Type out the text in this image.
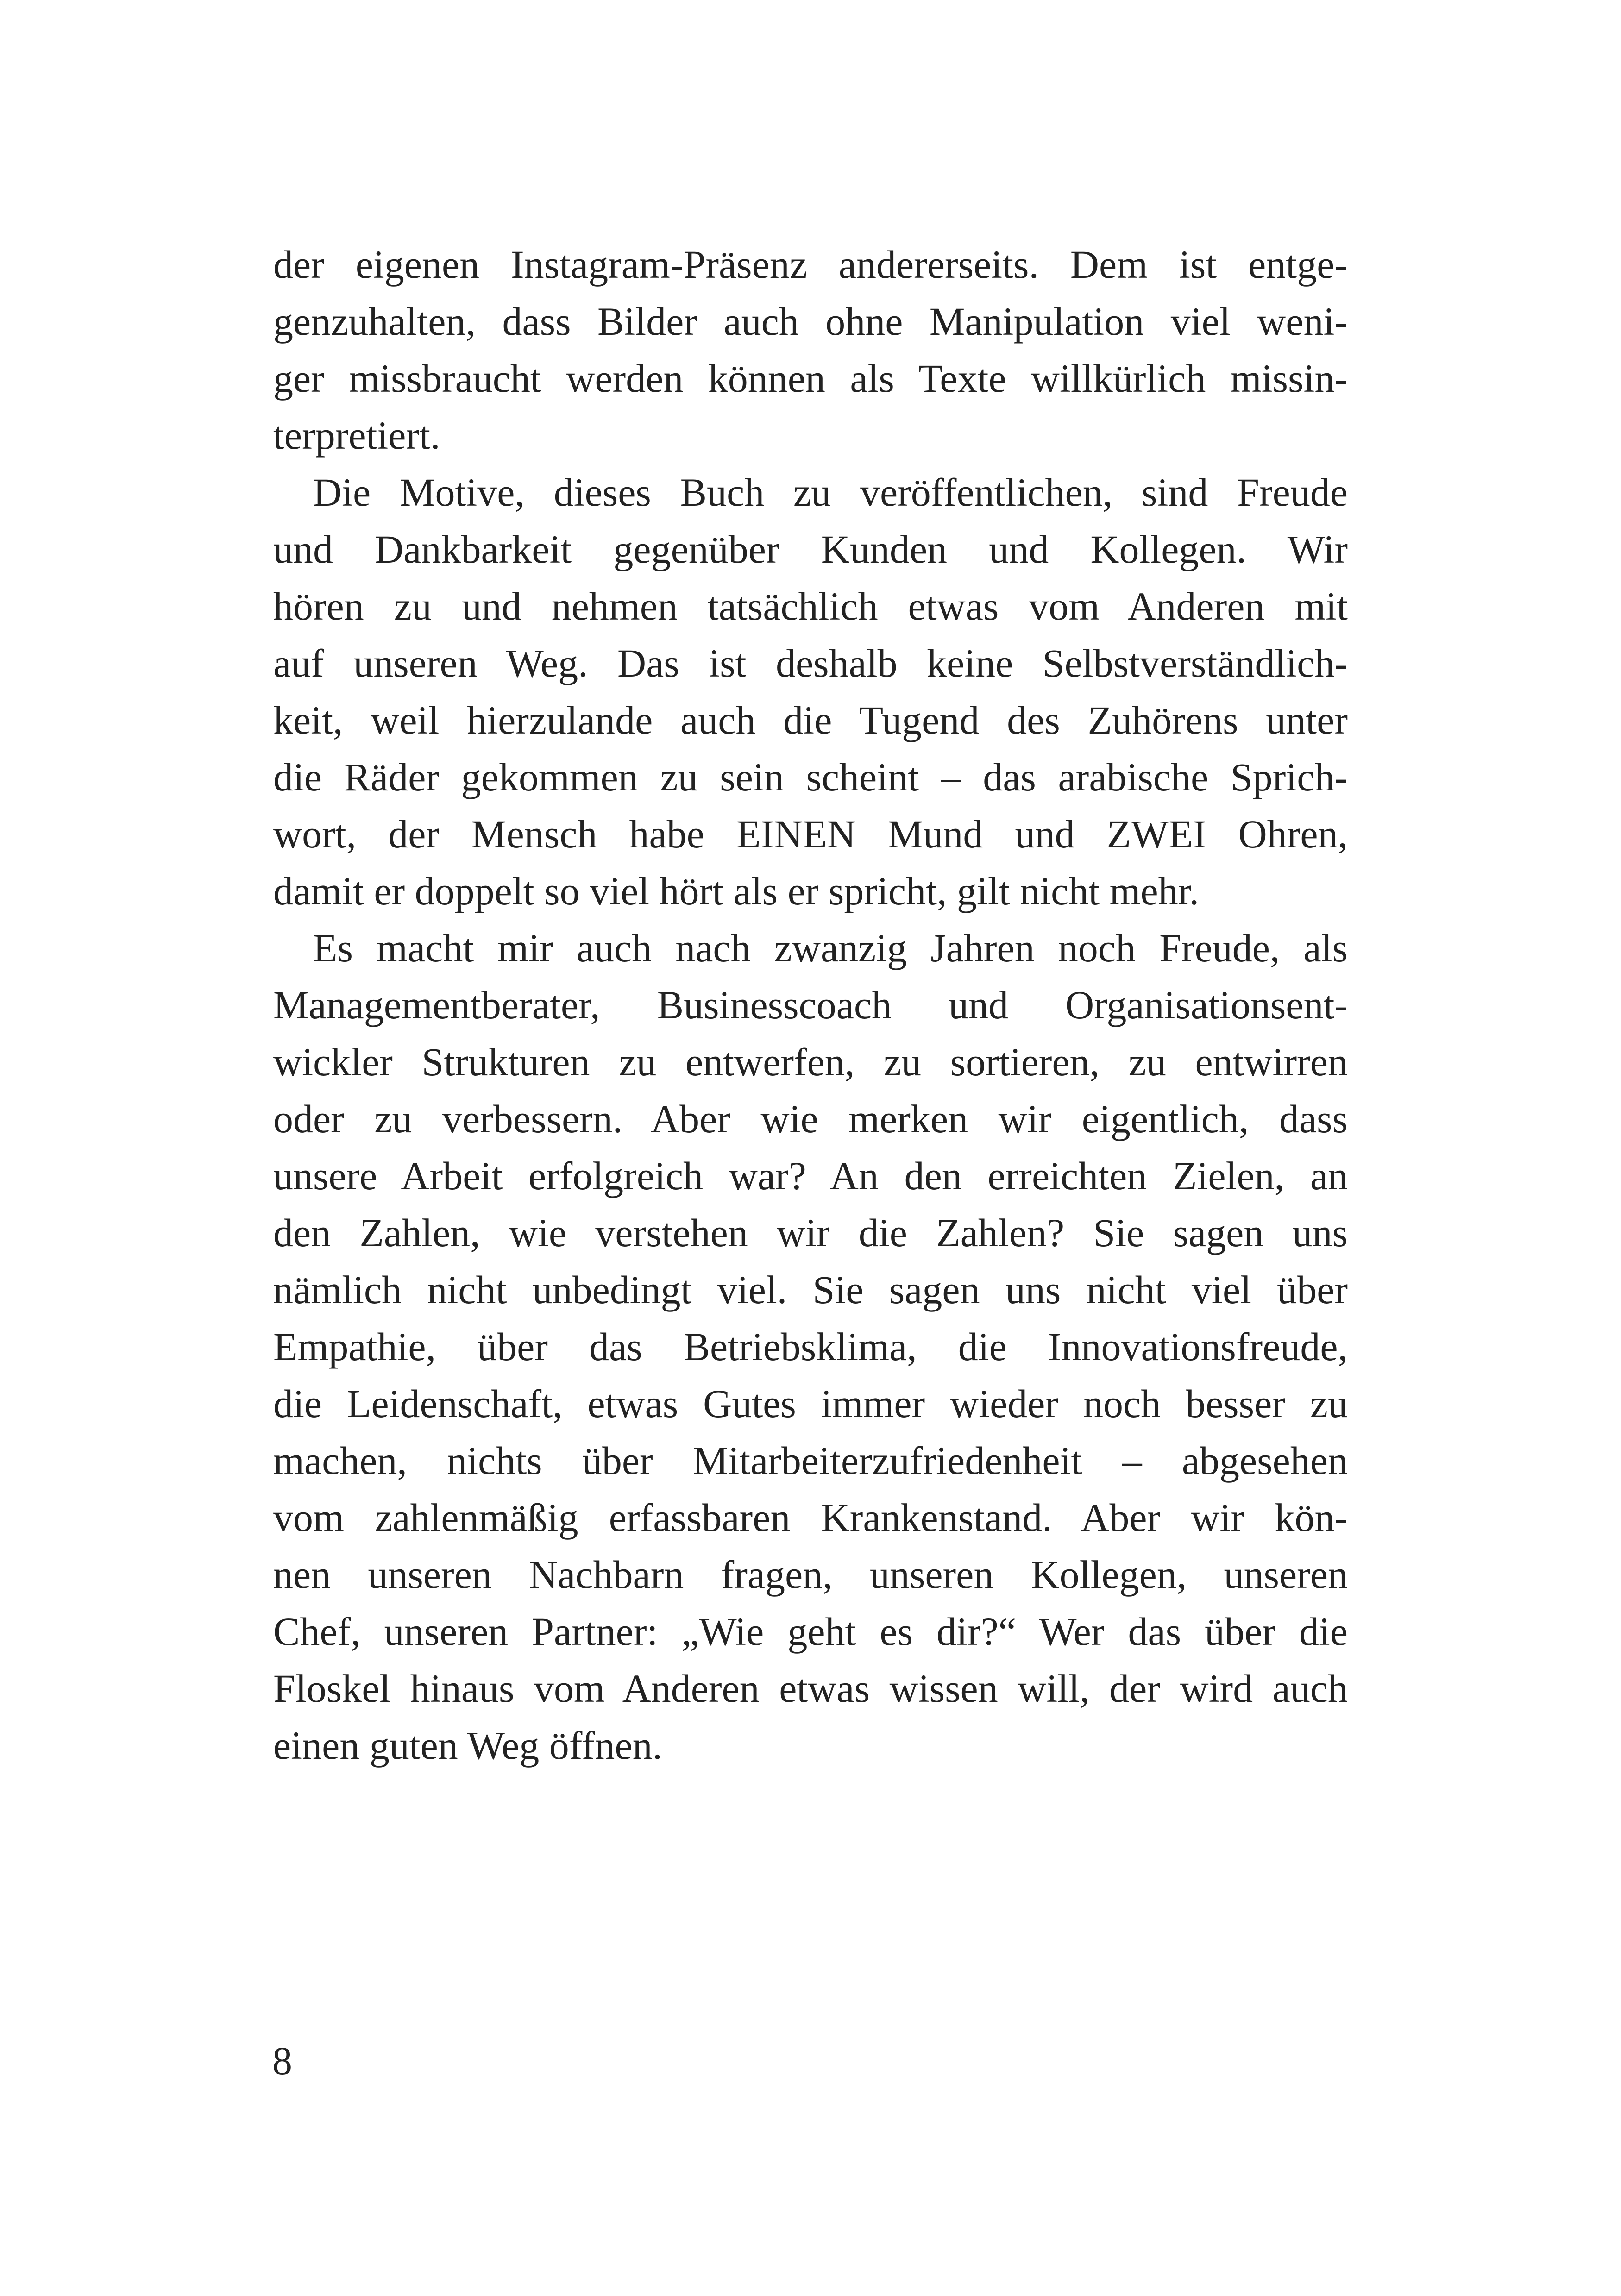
der eigenen Instagram-Präsenz andererseits. Dem ist entge-
genzuhalten, dass Bilder auch ohne Manipulation viel weni-
ger missbraucht werden können als Texte willkürlich missin-
terpretiert.

Die Motive, dieses Buch zu veröffentlichen, sind Freude
und Dankbarkeit gegenüber Kunden und Kollegen. Wir
hören zu und nehmen tatsächlich etwas vom Anderen mit
auf unseren Weg. Das ist deshalb keine Selbstverständlich-
keit, weil hierzulande auch die Tugend des Zuhörens unter
die Räder gekommen zu sein scheint – das arabische Sprich-
wort, der Mensch habe EINEN Mund und ZWEI Ohren,
damit er doppelt so viel hört als er spricht, gilt nicht mehr.

Es macht mir auch nach zwanzig Jahren noch Freude, als
Managementberater, Businesscoach und Organisationsent-
wickler Strukturen zu entwerfen, zu sortieren, zu entwirren
oder zu verbessern. Aber wie merken wir eigentlich, dass
unsere Arbeit erfolgreich war? An den erreichten Zielen, an
den Zahlen, wie verstehen wir die Zahlen? Sie sagen uns
nämlich nicht unbedingt viel. Sie sagen uns nicht viel über
Empathie, über das Betriebsklima, die Innovationsfreude,
die Leidenschaft, etwas Gutes immer wieder noch besser zu
machen, nichts über Mitarbeiterzufriedenheit – abgesehen
vom zahlenmäßig erfassbaren Krankenstand. Aber wir kön-
nen unseren Nachbarn fragen, unseren Kollegen, unseren
Chef, unseren Partner: „Wie geht es dir?“ Wer das über die
Floskel hinaus vom Anderen etwas wissen will, der wird auch
einen guten Weg öffnen.

8
